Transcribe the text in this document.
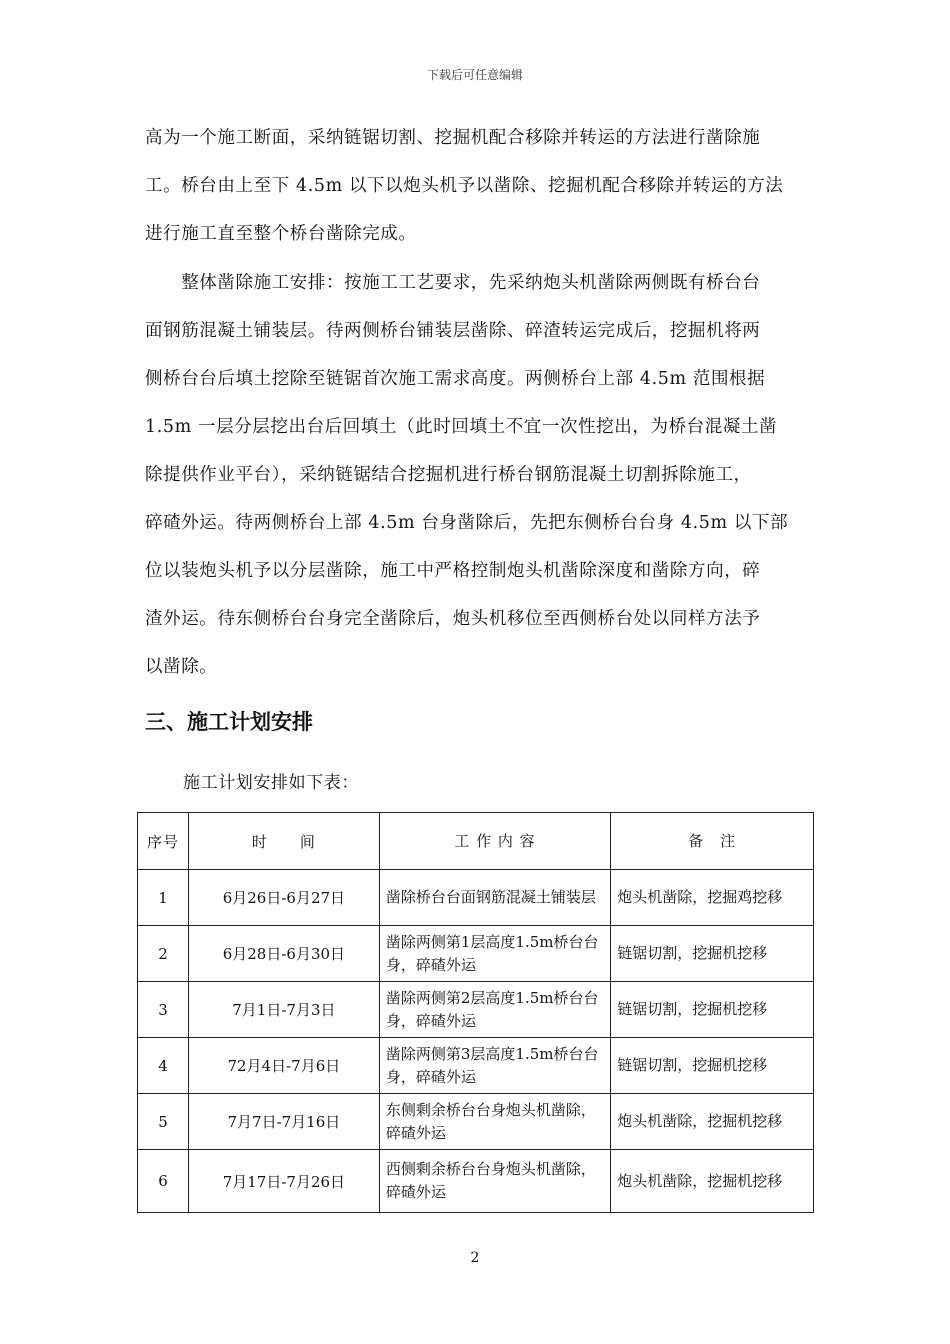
下载后可任意编辑
高为一个施工断面，采纳链锯切割、挖掘机配合移除并转运的方法进行凿除施
工。桥台由上至下 4.5m 以下以炮头机予以凿除、挖掘机配合移除并转运的方法
进行施工直至整个桥台凿除完成。
　　整体凿除施工安排：按施工工艺要求，先采纳炮头机凿除两侧既有桥台台
面钢筋混凝土铺装层。待两侧桥台铺装层凿除、碎渣转运完成后，挖掘机将两
侧桥台台后填土挖除至链锯首次施工需求高度。两侧桥台上部 4.5m 范围根据
1.5m 一层分层挖出台后回填土（此时回填土不宜一次性挖出，为桥台混凝土凿
除提供作业平台），采纳链锯结合挖掘机进行桥台钢筋混凝土切割拆除施工，
碎碴外运。待两侧桥台上部 4.5m 台身凿除后，先把东侧桥台台身 4.5m 以下部
位以装炮头机予以分层凿除，施工中严格控制炮头机凿除深度和凿除方向，碎
渣外运。待东侧桥台台身完全凿除后，炮头机移位至西侧桥台处以同样方法予
以凿除。
三、施工计划安排
施工计划安排如下表：
序号	时　　间	工 作 内 容	备　注
1	6月26日-6月27日	凿除桥台台面钢筋混凝土铺装层	炮头机凿除，挖掘鸡挖移
2	6月28日-6月30日	凿除两侧第1层高度1.5m桥台台身，碎碴外运	链锯切割，挖掘机挖移
3	7月1日-7月3日	凿除两侧第2层高度1.5m桥台台身，碎碴外运	链锯切割，挖掘机挖移
4	72月4日-7月6日	凿除两侧第3层高度1.5m桥台台身，碎碴外运	链锯切割，挖掘机挖移
5	7月7日-7月16日	东侧剩余桥台台身炮头机凿除，碎碴外运	炮头机凿除，挖掘机挖移
6	7月17日-7月26日	西侧剩余桥台台身炮头机凿除，碎碴外运	炮头机凿除，挖掘机挖移
2
